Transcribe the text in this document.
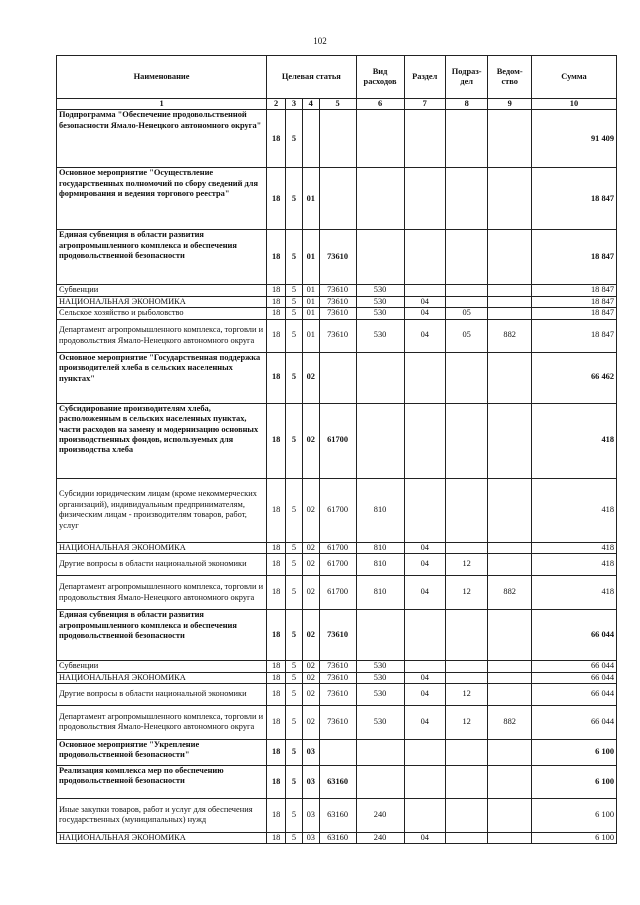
102
Наименование	Целевая статья				Вид расходов	Раздел	Подраз-дел	Ведом-ство	Сумма
1	2	3	4	5	6	7	8	9	10
Подпрограмма "Обеспечение продовольственной безопасности Ямало-Ненецкого автономного округа"	18	5							91 409
Основное мероприятие "Осуществление государственных полномочий по сбору сведений для формирования и ведения торгового реестра"	18	5	01						18 847
Единая субвенция в области развития агропромышленного комплекса и обеспечения продовольственной безопасности	18	5	01	73610					18 847
Субвенции	18	5	01	73610	530				18 847
НАЦИОНАЛЬНАЯ ЭКОНОМИКА	18	5	01	73610	530	04			18 847
Сельское хозяйство и рыболовство	18	5	01	73610	530	04	05		18 847
Департамент агропромышленного комплекса, торговли и продовольствия Ямало-Ненецкого автономного округа	18	5	01	73610	530	04	05	882	18 847
Основное мероприятие "Государственная поддержка производителей хлеба в сельских населенных пунктах"	18	5	02						66 462
Субсидирование производителям хлеба, расположенным в сельских населенных пунктах, части расходов на замену и модернизацию основных производственных фондов, используемых для производства хлеба	18	5	02	61700					418
Субсидии юридическим лицам (кроме некоммерческих организаций), индивидуальным предпринимателям, физическим лицам - производителям товаров, работ, услуг	18	5	02	61700	810				418
НАЦИОНАЛЬНАЯ ЭКОНОМИКА	18	5	02	61700	810	04			418
Другие вопросы в области национальной экономики	18	5	02	61700	810	04	12		418
Департамент агропромышленного комплекса, торговли и продовольствия Ямало-Ненецкого автономного округа	18	5	02	61700	810	04	12	882	418
Единая субвенция в области развития агропромышленного комплекса и обеспечения продовольственной безопасности	18	5	02	73610					66 044
Субвенции	18	5	02	73610	530				66 044
НАЦИОНАЛЬНАЯ ЭКОНОМИКА	18	5	02	73610	530	04			66 044
Другие вопросы в области национальной экономики	18	5	02	73610	530	04	12		66 044
Департамент агропромышленного комплекса, торговли и продовольствия Ямало-Ненецкого автономного округа	18	5	02	73610	530	04	12	882	66 044
Основное мероприятие "Укрепление продовольственной безопасности"	18	5	03						6 100
Реализация комплекса мер по обеспечению продовольственной безопасности	18	5	03	63160					6 100
Иные закупки товаров, работ и услуг для обеспечения государственных (муниципальных) нужд	18	5	03	63160	240				6 100
НАЦИОНАЛЬНАЯ ЭКОНОМИКА	18	5	03	63160	240	04			6 100
